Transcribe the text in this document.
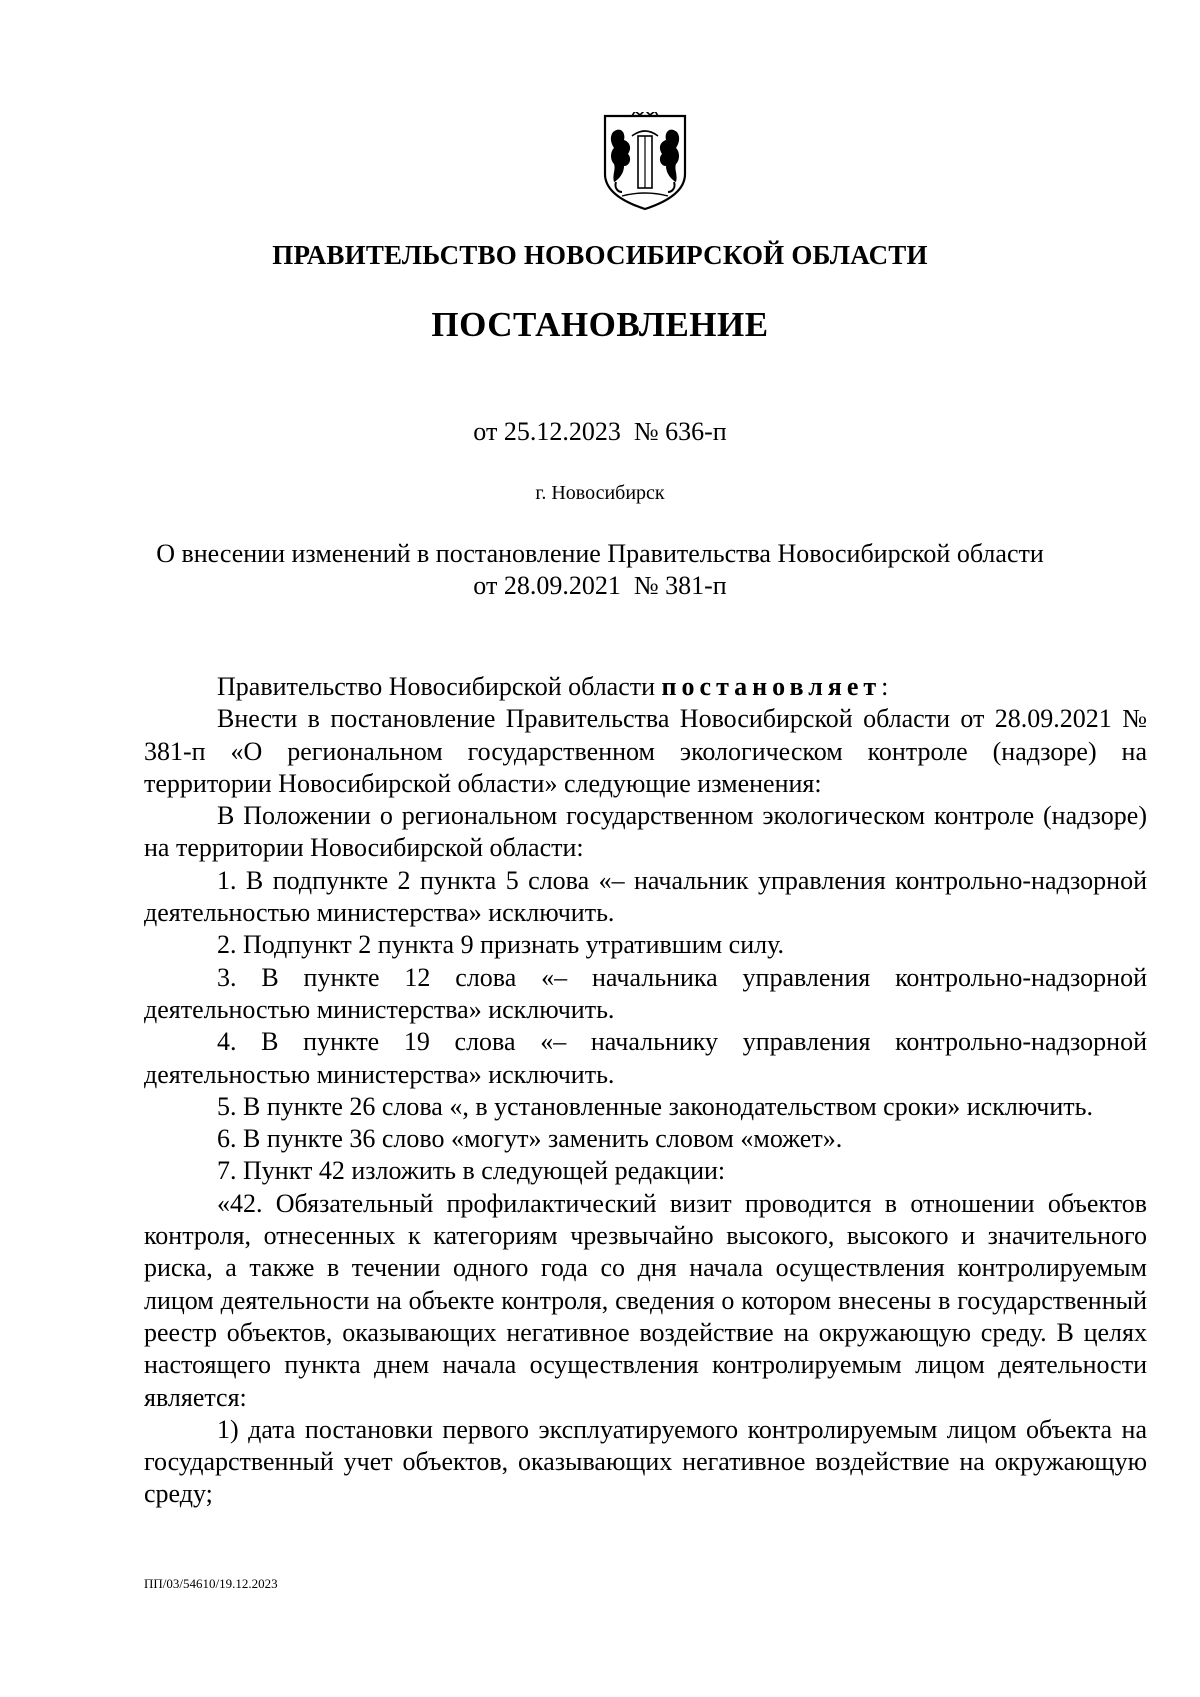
ПРАВИТЕЛЬСТВО НОВОСИБИРСКОЙ ОБЛАСТИ
ПОСТАНОВЛЕНИЕ
от 25.12.2023  № 636-п
г. Новосибирск
О внесении изменений в постановление Правительства Новосибирской области
от 28.09.2021  № 381-п

Правительство Новосибирской области постановляет:

Внести в постановление Правительства Новосибирской области от 28.09.2021 № 381-п «О региональном государственном экологическом контроле (надзоре) на территории Новосибирской области» следующие изменения:

В Положении о региональном государственном экологическом контроле (надзоре) на территории Новосибирской области:

1. В подпункте 2 пункта 5 слова «– начальник управления контрольно-надзорной деятельностью министерства» исключить.

2. Подпункт 2 пункта 9 признать утратившим силу.

3. В пункте 12 слова «– начальника управления контрольно-надзорной деятельностью министерства» исключить.

4. В пункте 19 слова «– начальнику управления контрольно-надзорной деятельностью министерства» исключить.

5. В пункте 26 слова «, в установленные законодательством сроки» исключить.

6. В пункте 36 слово «могут» заменить словом «может».

7. Пункт 42 изложить в следующей редакции:

«42. Обязательный профилактический визит проводится в отношении объектов контроля, отнесенных к категориям чрезвычайно высокого, высокого и значительного риска, а также в течении одного года со дня начала осуществления контролируемым лицом деятельности на объекте контроля, сведения о котором внесены в государственный реестр объектов, оказывающих негативное воздействие на окружающую среду. В целях настоящего пункта днем начала осуществления контролируемым лицом деятельности является:

1) дата постановки первого эксплуатируемого контролируемым лицом объекта на государственный учет объектов, оказывающих негативное воздействие на окружающую среду;

ПП/03/54610/19.12.2023
